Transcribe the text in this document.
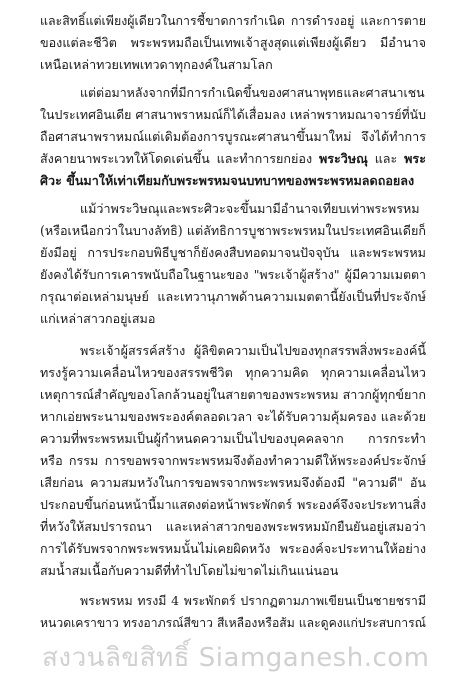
และสิทธิ์แต่เพียงผู้เดียวในการชี้ขาดการกำเนิด การดำรงอยู่ และการตาย
ของแต่ละชีวิต พระพรหมถือเป็นเทพเจ้าสูงสุดแต่เพียงผู้เดียว มีอำนาจ
เหนือเหล่าทวยเทพเทวดาทุกองค์ในสามโลก
แต่ต่อมาหลังจากที่มีการกำเนิดขึ้นของศาสนาพุทธและศาสนาเชน
ในประเทศอินเดีย ศาสนาพราหมณ์ก็ได้เสื่อมลง เหล่าพราหมณาจารย์ที่นับ
ถือศาสนาพราหมณ์แต่เดิมต้องการบูรณะศาสนาขึ้นมาใหม่ จึงได้ทำการ
สังคายนาพระเวทให้โดดเด่นขึ้น และทำการยกย่อง พระวิษณุ และ พระ
ศิวะ ขึ้นมาให้เท่าเทียมกับพระพรหมจนบทบาทของพระพรหมลดถอยลง
แม้ว่าพระวิษณุและพระศิวะจะขึ้นมามีอำนาจเทียบเท่าพระพรหม
(หรือเหนือกว่าในบางลัทธิ) แต่ลัทธิการบูชาพระพรหมในประเทศอินเดียก็
ยังมีอยู่ การประกอบพิธีบูชาก็ยังคงสืบทอดมาจนปัจจุบัน และพระพรหม
ยังคงได้รับการเคารพนับถือในฐานะของ "พระเจ้าผู้สร้าง" ผู้มีความเมตตา
กรุณาต่อเหล่ามนุษย์ และเทวานุภาพด้านความเมตตานี้ยังเป็นที่ประจักษ์
แก่เหล่าสาวกอยู่เสมอ
พระเจ้าผู้สรรค์สร้าง ผู้ลิขิตความเป็นไปของทุกสรรพสิ่งพระองค์นี้
ทรงรู้ความเคลื่อนไหวของสรรพชีวิต ทุกความคิด ทุกความเคลื่อนไหว
เหตุการณ์สำคัญของโลกล้วนอยู่ในสายตาของพระพรหม สาวกผู้ทุกข์ยาก
หากเอ่ยพระนามของพระองค์ตลอดเวลา จะได้รับความคุ้มครอง และด้วย
ความที่พระพรหมเป็นผู้กำหนดความเป็นไปของบุคคลจาก การกระทำ
หรือ กรรม การขอพรจากพระพรหมจึงต้องทำความดีให้พระองค์ประจักษ์
เสียก่อน ความสมหวังในการขอพรจากพระพรหมจึงต้องมี "ความดี" อัน
ประกอบขึ้นก่อนหน้านี้มาแสดงต่อหน้าพระพักตร์ พระองค์จึงจะประทานสิ่ง
ที่หวังให้สมปรารถนา และเหล่าสาวกของพระพรหมมักยืนยันอยู่เสมอว่า
การได้รับพรจากพระพรหมนั้นไม่เคยผิดหวัง พระองค์จะประทานให้อย่าง
สมน้ำสมเนื้อกับความดีที่ทำไปโดยไม่ขาดไม่เกินแน่นอน
พระพรหม ทรงมี 4 พระพักตร์ ปรากฏตามภาพเขียนเป็นชายชรามี
หนวดเคราขาว ทรงอาภรณ์สีขาว สีเหลืองหรือส้ม และดูคงแก่ประสบการณ์
สงวนลิขสิทธิ์ Siamganesh.com
